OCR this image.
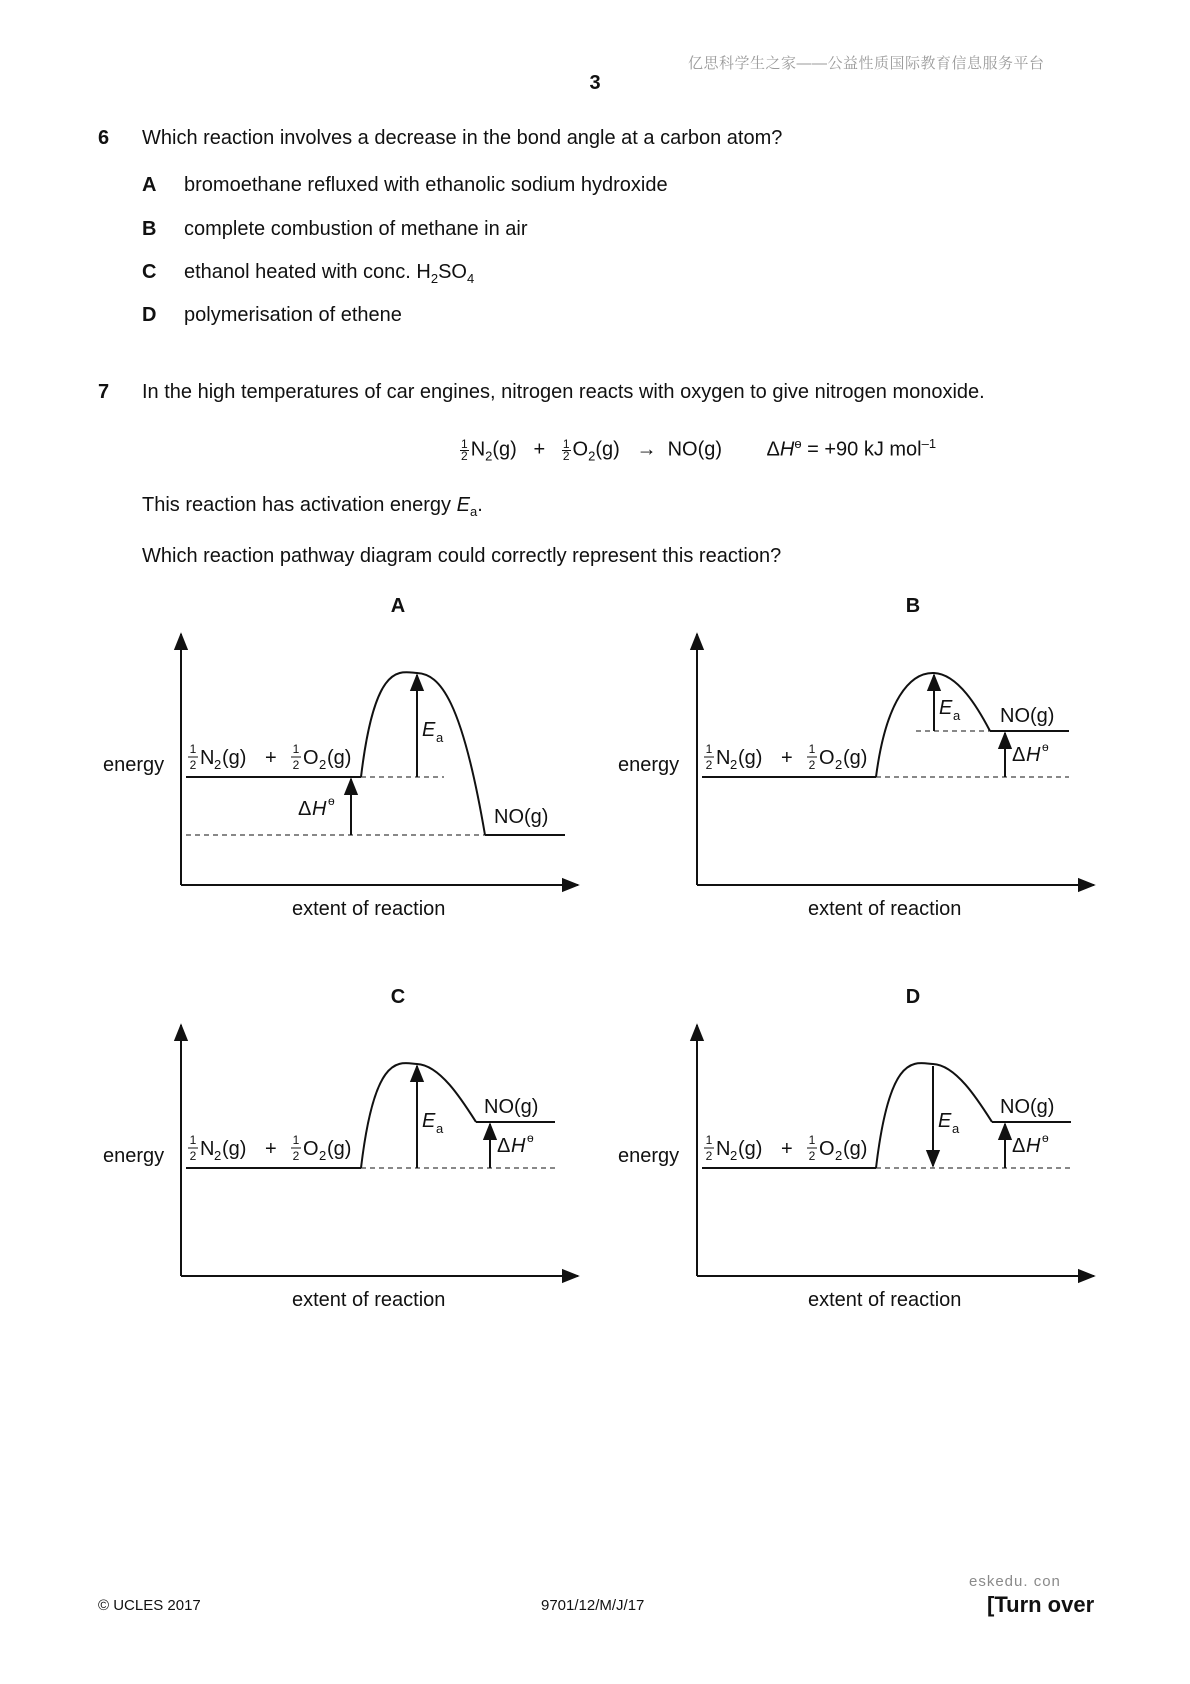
亿思科学生之家——公益性质国际教育信息服务平台
3
6 Which reaction involves a decrease in the bond angle at a carbon atom?
A bromoethane refluxed with ethanolic sodium hydroxide
B complete combustion of methane in air
C ethanol heated with conc. $H_2SO_4$
D polymerisation of ethene
7 In the high temperatures of car engines, nitrogen reacts with oxygen to give nitrogen monoxide.
$\frac{1}{2} N_2(g) + \frac{1}{2} O_2(g) \to NO(g) \Delta H^ө = +90$ kJ mol$^{-1}$
This reaction has activation energy $E_a$.
Which reaction pathway diagram could correctly represent this reaction?
A
energy
extent of reaction
1
2 N 2 (g) + 1
2 O 2 (g)
NO(g)
E a
Δ H ө
B
energy
extent of reaction
1
2 N 2 (g) + 1
2 O 2 (g)
NO(g)
E a
Δ H ө
C
energy
extent of reaction
1
2 N 2 (g) + 1
2 O 2 (g)
NO(g)
E a
Δ H ө
D
energy
extent of reaction
1
2 N 2 (g) + 1
2 O 2 (g)
NO(g)
E a
Δ H ө
eskedu. con
© UCLES 2017	9701/12/M/J/17	[Turn over
